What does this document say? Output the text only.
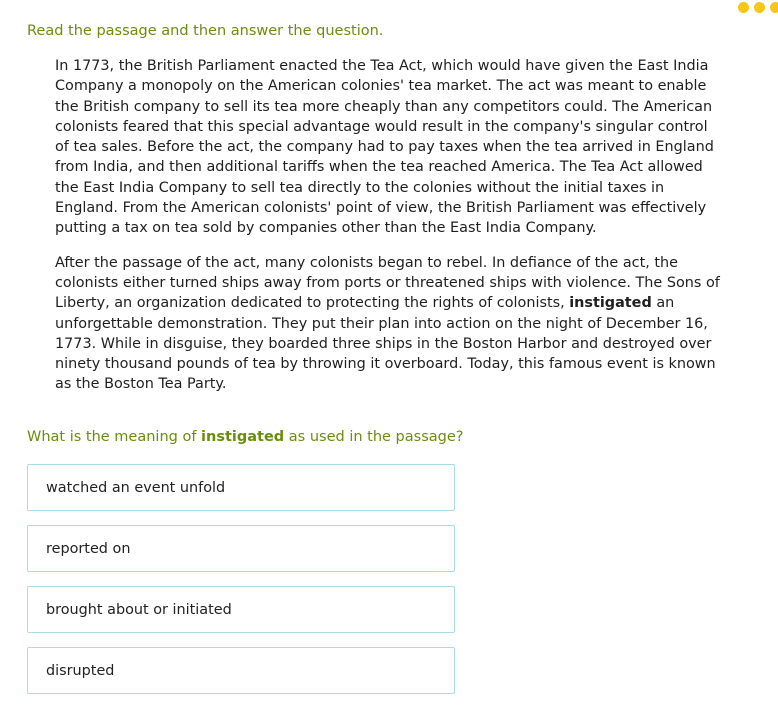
Read the passage and then answer the question.

In 1773, the British Parliament enacted the Tea Act, which would have given the East India Company a monopoly on the American colonies' tea market. The act was meant to enable the British company to sell its tea more cheaply than any competitors could. The American colonists feared that this special advantage would result in the company's singular control of tea sales. Before the act, the company had to pay taxes when the tea arrived in England from India, and then additional tariffs when the tea reached America. The Tea Act allowed the East India Company to sell tea directly to the colonies without the initial taxes in England. From the American colonists' point of view, the British Parliament was effectively putting a tax on tea sold by companies other than the East India Company.

After the passage of the act, many colonists began to rebel. In defiance of the act, the colonists either turned ships away from ports or threatened ships with violence. The Sons of Liberty, an organization dedicated to protecting the rights of colonists, instigated an unforgettable demonstration. They put their plan into action on the night of December 16, 1773. While in disguise, they boarded three ships in the Boston Harbor and destroyed over ninety thousand pounds of tea by throwing it overboard. Today, this famous event is known as the Boston Tea Party.

What is the meaning of instigated as used in the passage?

watched an event unfold
reported on
brought about or initiated
disrupted
